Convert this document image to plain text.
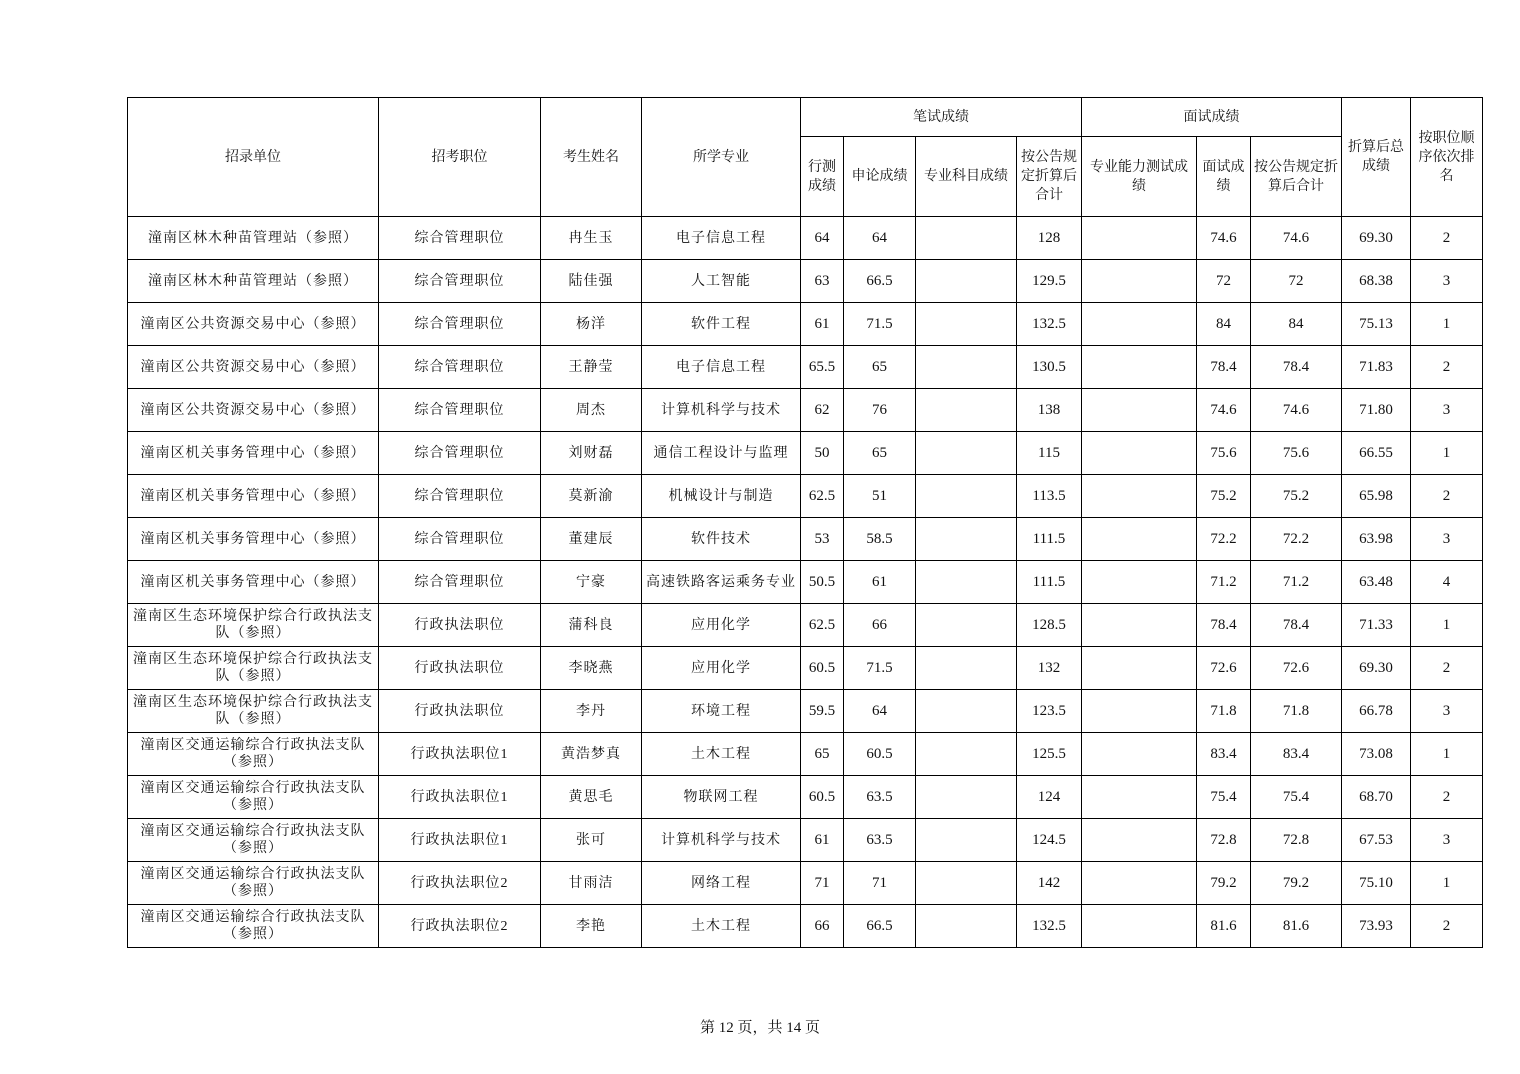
招录单位	招考职位	考生姓名	所学专业	笔试成绩				面试成绩			折算后总成绩	按职位顺序依次排名
				行测成绩	申论成绩	专业科目成绩	按公告规定折算后合计	专业能力测试成绩	面试成绩	按公告规定折算后合计		
潼南区林木种苗管理站（参照）	综合管理职位	冉生玉	电子信息工程	64	64		128		74.6	74.6	69.30	2
潼南区林木种苗管理站（参照）	综合管理职位	陆佳强	人工智能	63	66.5		129.5		72	72	68.38	3
潼南区公共资源交易中心（参照）	综合管理职位	杨洋	软件工程	61	71.5		132.5		84	84	75.13	1
潼南区公共资源交易中心（参照）	综合管理职位	王静莹	电子信息工程	65.5	65		130.5		78.4	78.4	71.83	2
潼南区公共资源交易中心（参照）	综合管理职位	周杰	计算机科学与技术	62	76		138		74.6	74.6	71.80	3
潼南区机关事务管理中心（参照）	综合管理职位	刘财磊	通信工程设计与监理	50	65		115		75.6	75.6	66.55	1
潼南区机关事务管理中心（参照）	综合管理职位	莫新渝	机械设计与制造	62.5	51		113.5		75.2	75.2	65.98	2
潼南区机关事务管理中心（参照）	综合管理职位	董建辰	软件技术	53	58.5		111.5		72.2	72.2	63.98	3
潼南区机关事务管理中心（参照）	综合管理职位	宁豪	高速铁路客运乘务专业	50.5	61		111.5		71.2	71.2	63.48	4
潼南区生态环境保护综合行政执法支队（参照）	行政执法职位	蒲科良	应用化学	62.5	66		128.5		78.4	78.4	71.33	1
潼南区生态环境保护综合行政执法支队（参照）	行政执法职位	李晓燕	应用化学	60.5	71.5		132		72.6	72.6	69.30	2
潼南区生态环境保护综合行政执法支队（参照）	行政执法职位	李丹	环境工程	59.5	64		123.5		71.8	71.8	66.78	3
潼南区交通运输综合行政执法支队（参照）	行政执法职位1	黄浩梦真	土木工程	65	60.5		125.5		83.4	83.4	73.08	1
潼南区交通运输综合行政执法支队（参照）	行政执法职位1	黄思毛	物联网工程	60.5	63.5		124		75.4	75.4	68.70	2
潼南区交通运输综合行政执法支队（参照）	行政执法职位1	张可	计算机科学与技术	61	63.5		124.5		72.8	72.8	67.53	3
潼南区交通运输综合行政执法支队（参照）	行政执法职位2	甘雨洁	网络工程	71	71		142		79.2	79.2	75.10	1
潼南区交通运输综合行政执法支队（参照）	行政执法职位2	李艳	土木工程	66	66.5		132.5		81.6	81.6	73.93	2
第 12 页，共 14 页
